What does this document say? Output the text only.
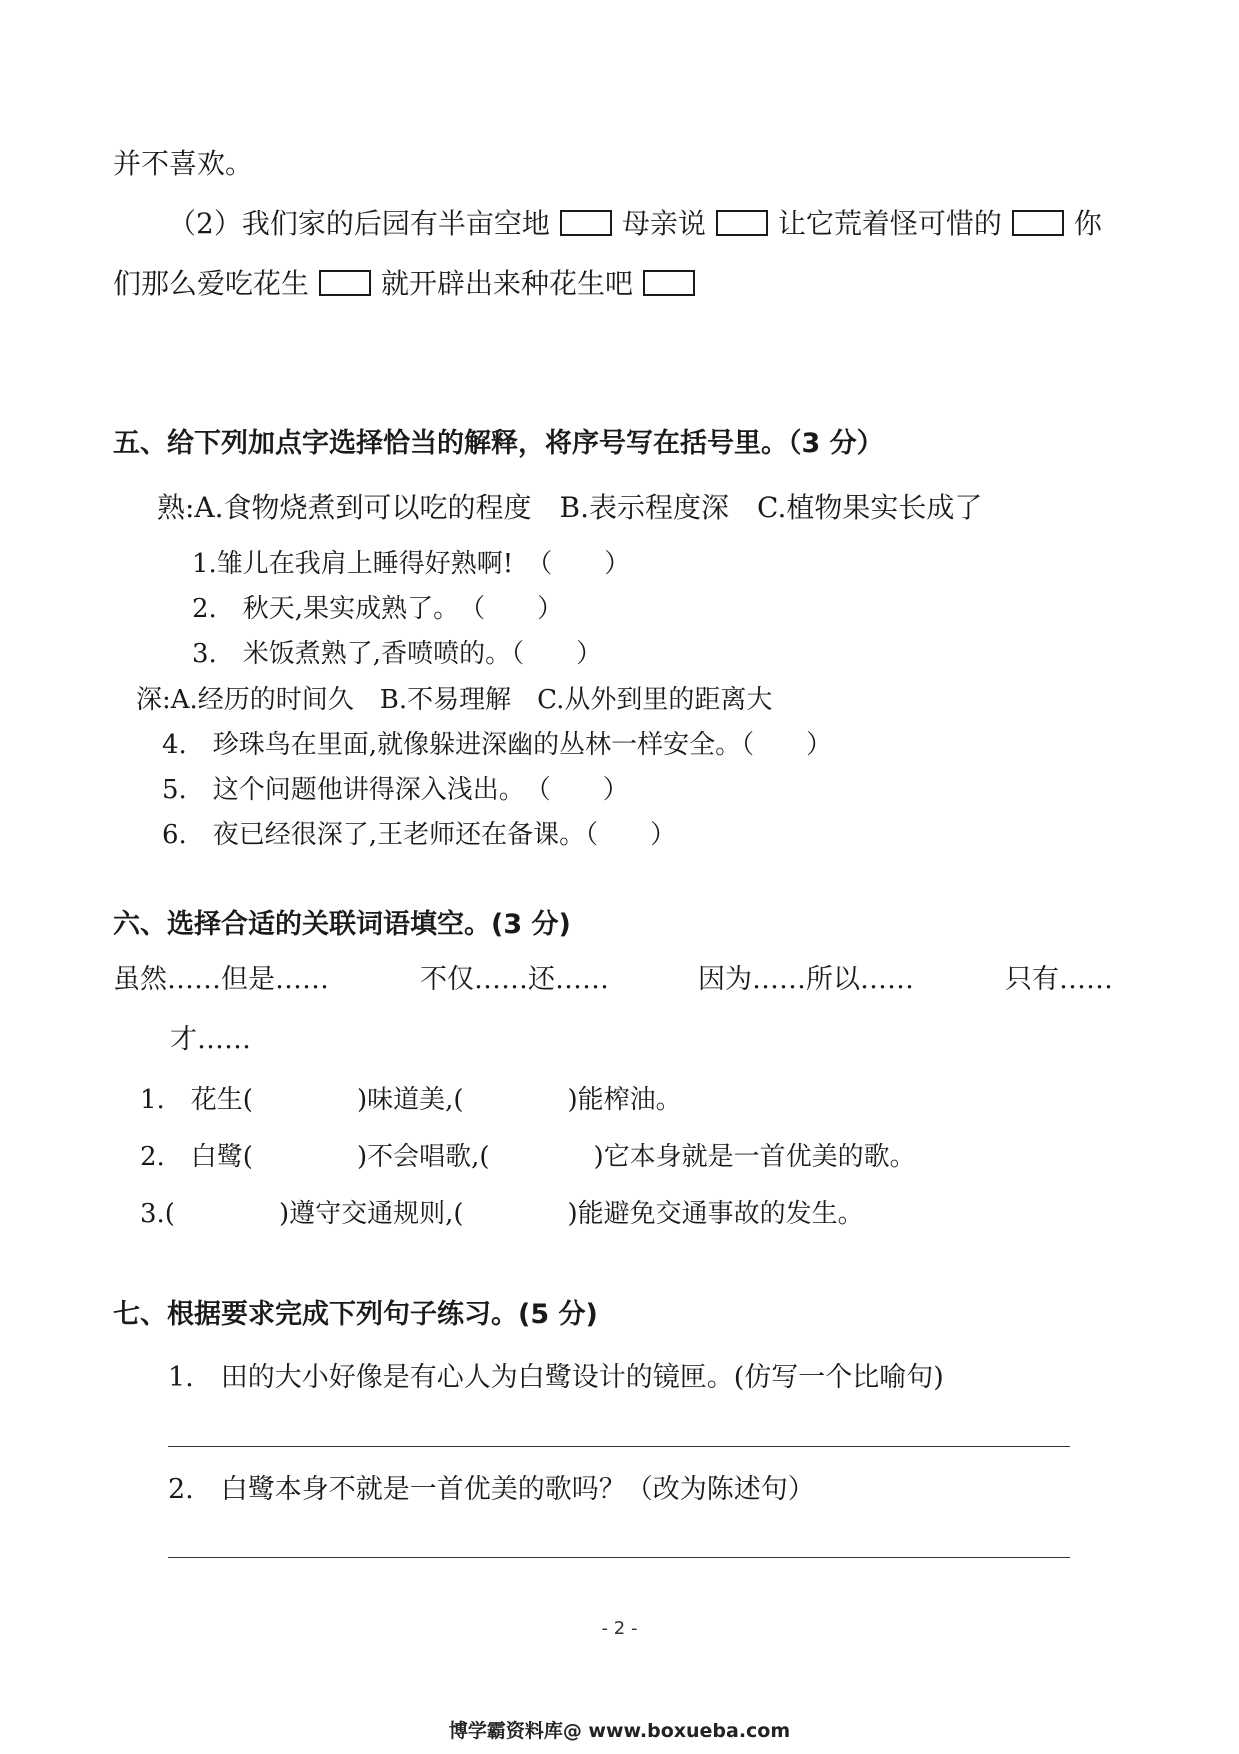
并不喜欢。
（2）我们家的后园有半亩空地	母亲说	让它荒着怪可惜的	你
们那么爱吃花生	就开辟出来种花生吧
五、给下列加点字选择恰当的解释，将序号写在括号里。（3 分）
熟:A.食物烧煮到可以吃的程度　B.表示程度深　C.植物果实长成了
1.雏儿在我肩上睡得好熟啊!　（　　）
2.　秋天,果实成熟了。　（　　）
3.　米饭煮熟了,香喷喷的。（　　）
深:A.经历的时间久　B.不易理解　C.从外到里的距离大
4.　珍珠鸟在里面,就像躲进深幽的丛林一样安全。（　　）
5.　这个问题他讲得深入浅出。　（　　）
6.　夜已经很深了,王老师还在备课。（　　）
六、选择合适的关联词语填空。(3 分)
虽然……但是……	不仅……还……	因为……所以……	只有……
才……
1.　花生(　　　　)味道美,(　　　　)能榨油。
2.　白鹭(　　　　)不会唱歌,(　　　　)它本身就是一首优美的歌。
3.(　　　　)遵守交通规则,(　　　　)能避免交通事故的发生。
七、根据要求完成下列句子练习。(5 分)
1.　田的大小好像是有心人为白鹭设计的镜匣。(仿写一个比喻句)
2.　白鹭本身不就是一首优美的歌吗？（改为陈述句）
- 2 -
博学霸资料库@ www.boxueba.com
